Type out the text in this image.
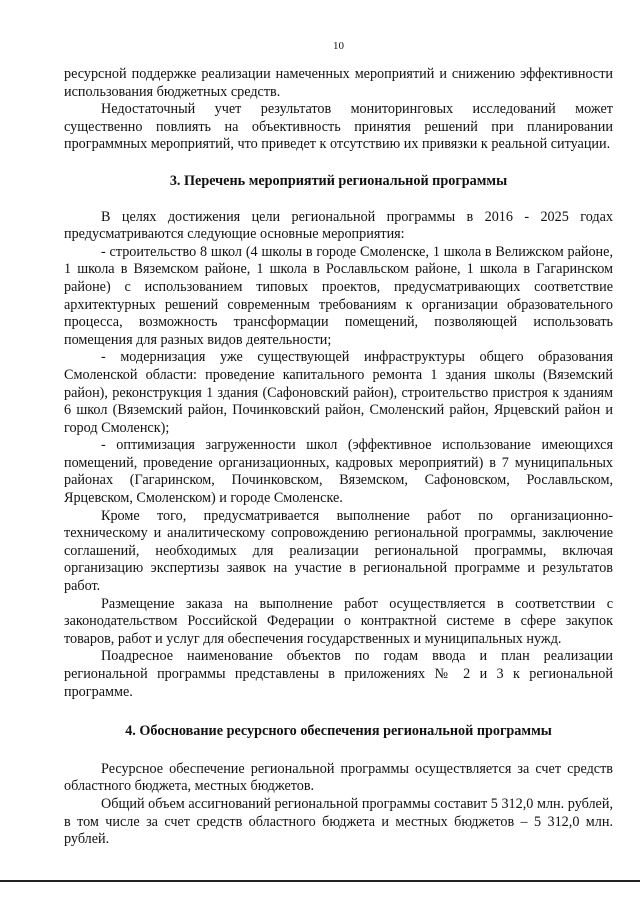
10

ресурсной поддержке реализации намеченных мероприятий и снижению эффективности использования бюджетных средств.

Недостаточный учет результатов мониторинговых исследований может существенно повлиять на объективность принятия решений при планировании программных мероприятий, что приведет к отсутствию их привязки к реальной ситуации.

3. Перечень мероприятий региональной программы

В целях достижения цели региональной программы в 2016 - 2025 годах предусматриваются следующие основные мероприятия:

- строительство 8 школ (4 школы в городе Смоленске, 1 школа в Велижском районе, 1 школа в Вяземском районе, 1 школа в Рославльском районе, 1 школа в Гагаринском районе) с использованием типовых проектов, предусматривающих соответствие архитектурных решений современным требованиям к организации образовательного процесса, возможность трансформации помещений, позволяющей использовать помещения для разных видов деятельности;

- модернизация уже существующей инфраструктуры общего образования Смоленской области: проведение капитального ремонта 1 здания школы (Вяземский район), реконструкция 1 здания (Сафоновский район), строительство пристроя к зданиям 6 школ (Вяземский район, Починковский район, Смоленский район, Ярцевский район и город Смоленск);

- оптимизация загруженности школ (эффективное использование имеющихся помещений, проведение организационных, кадровых мероприятий) в 7 муниципальных районах (Гагаринском, Починковском, Вяземском, Сафоновском, Рославльском, Ярцевском, Смоленском) и городе Смоленске.

Кроме того, предусматривается выполнение работ по организационно-техническому и аналитическому сопровождению региональной программы, заключение соглашений, необходимых для реализации региональной программы, включая организацию экспертизы заявок на участие в региональной программе и результатов работ.

Размещение заказа на выполнение работ осуществляется в соответствии с законодательством Российской Федерации о контрактной системе в сфере закупок товаров, работ и услуг для обеспечения государственных и муниципальных нужд.

Поадресное наименование объектов по годам ввода и план реализации региональной программы представлены в приложениях № 2 и 3 к региональной программе.

4. Обоснование ресурсного обеспечения региональной программы

Ресурсное обеспечение региональной программы осуществляется за счет средств областного бюджета, местных бюджетов.

Общий объем ассигнований региональной программы составит 5 312,0 млн. рублей, в том числе за счет средств областного бюджета и местных бюджетов – 5 312,0 млн. рублей.
